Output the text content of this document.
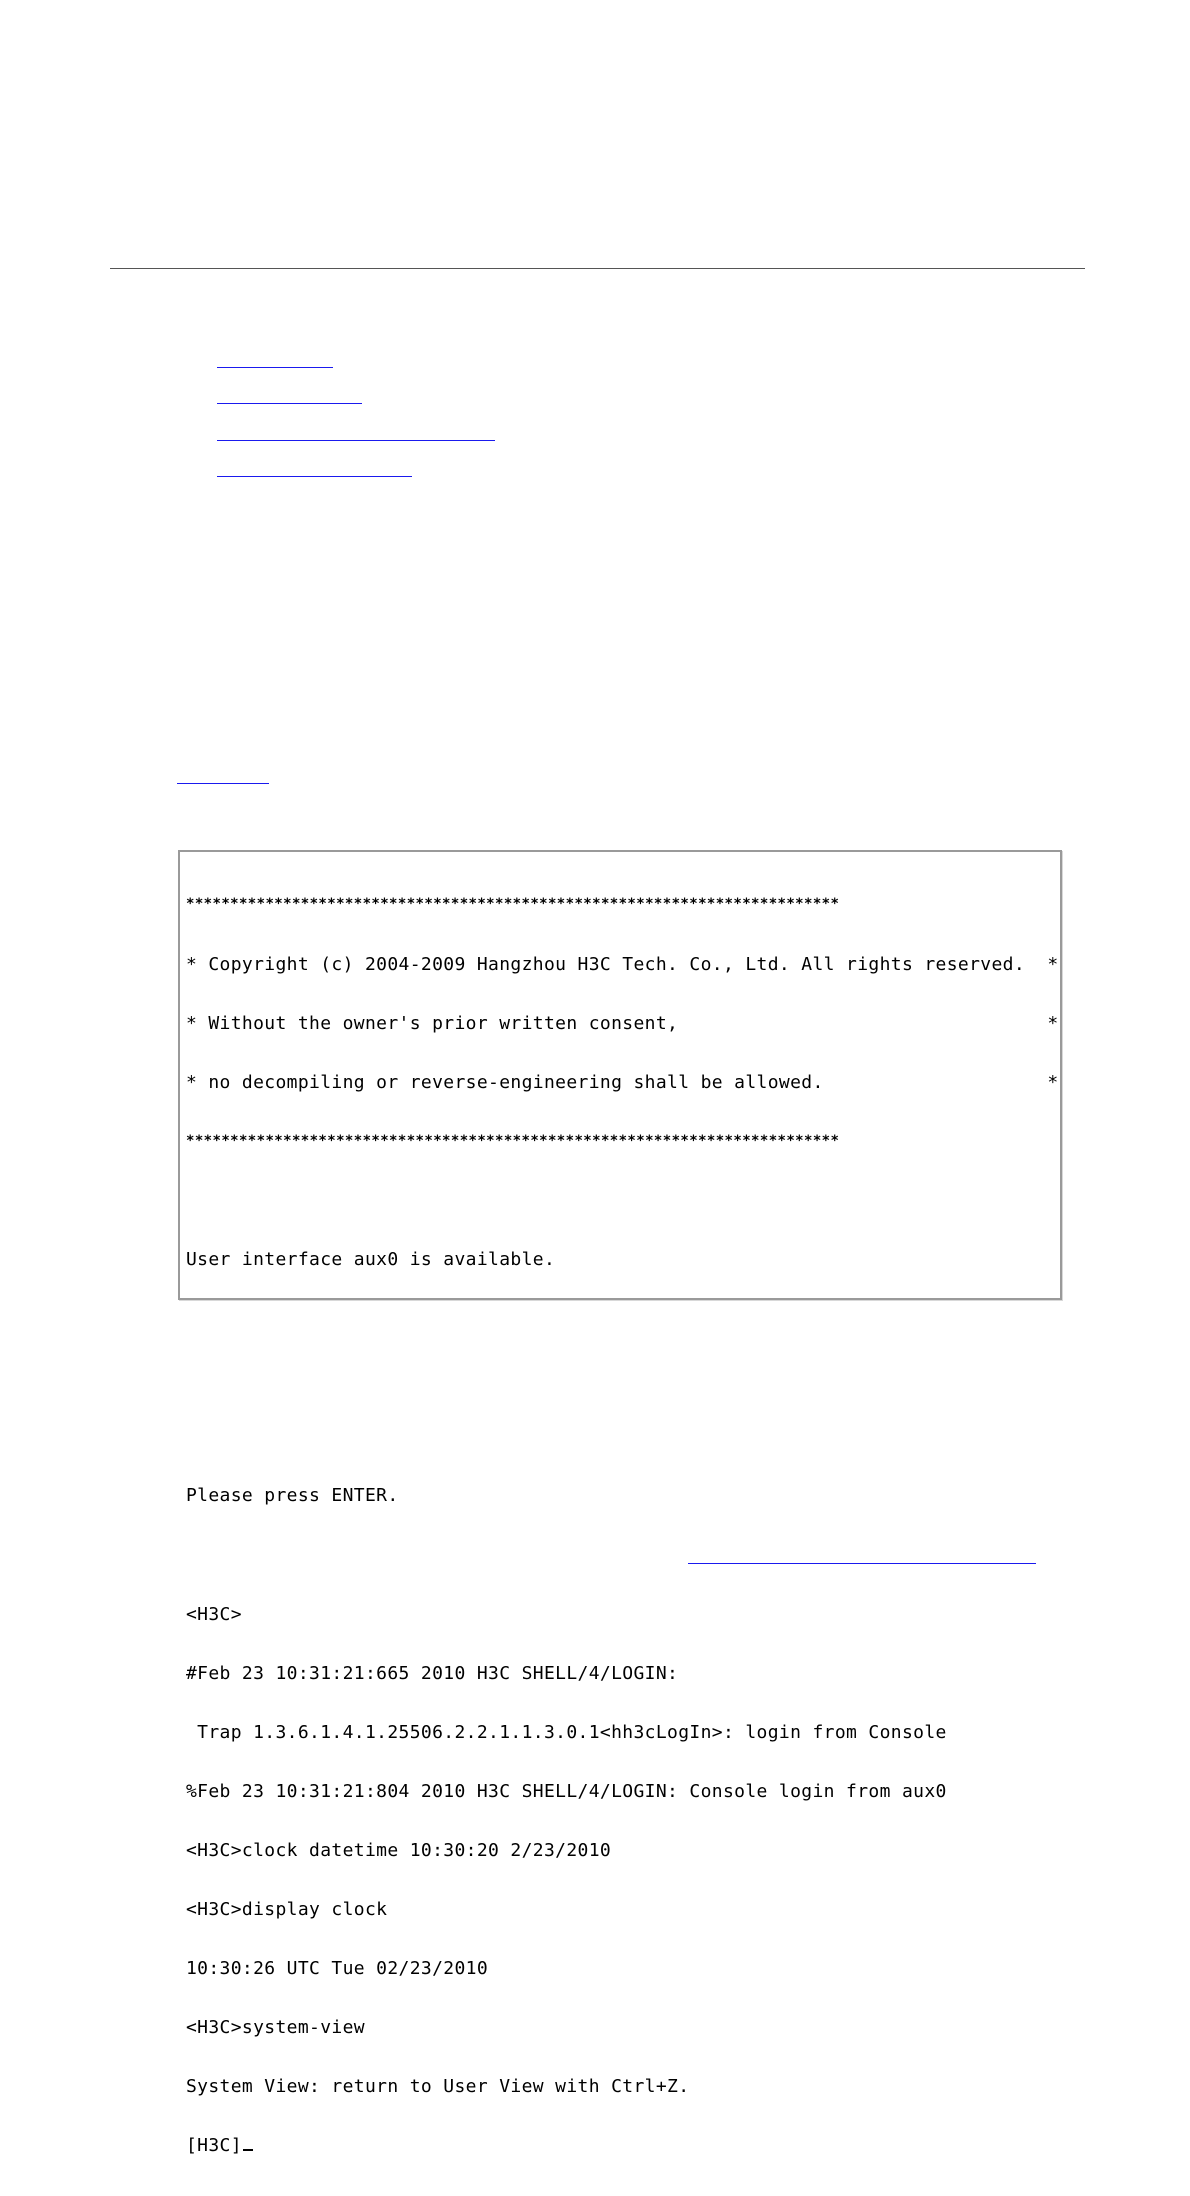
**************************************************************************

* Copyright (c) 2004-2009 Hangzhou H3C Tech. Co., Ltd. All rights reserved.  *

* Without the owner's prior written consent,                                 *

* no decompiling or reverse-engineering shall be allowed.                    *

**************************************************************************

User interface aux0 is available.

Please press ENTER.

<H3C>

#Feb 23 10:31:21:665 2010 H3C SHELL/4/LOGIN:

Trap 1.3.6.1.4.1.25506.2.2.1.1.3.0.1<hh3cLogIn>: login from Console

%Feb 23 10:31:21:804 2010 H3C SHELL/4/LOGIN: Console login from aux0

<H3C>clock datetime 10:30:20 2/23/2010

<H3C>display clock

10:30:26 UTC Tue 02/23/2010

<H3C>system-view

System View: return to User View with Ctrl+Z.

[H3C]
